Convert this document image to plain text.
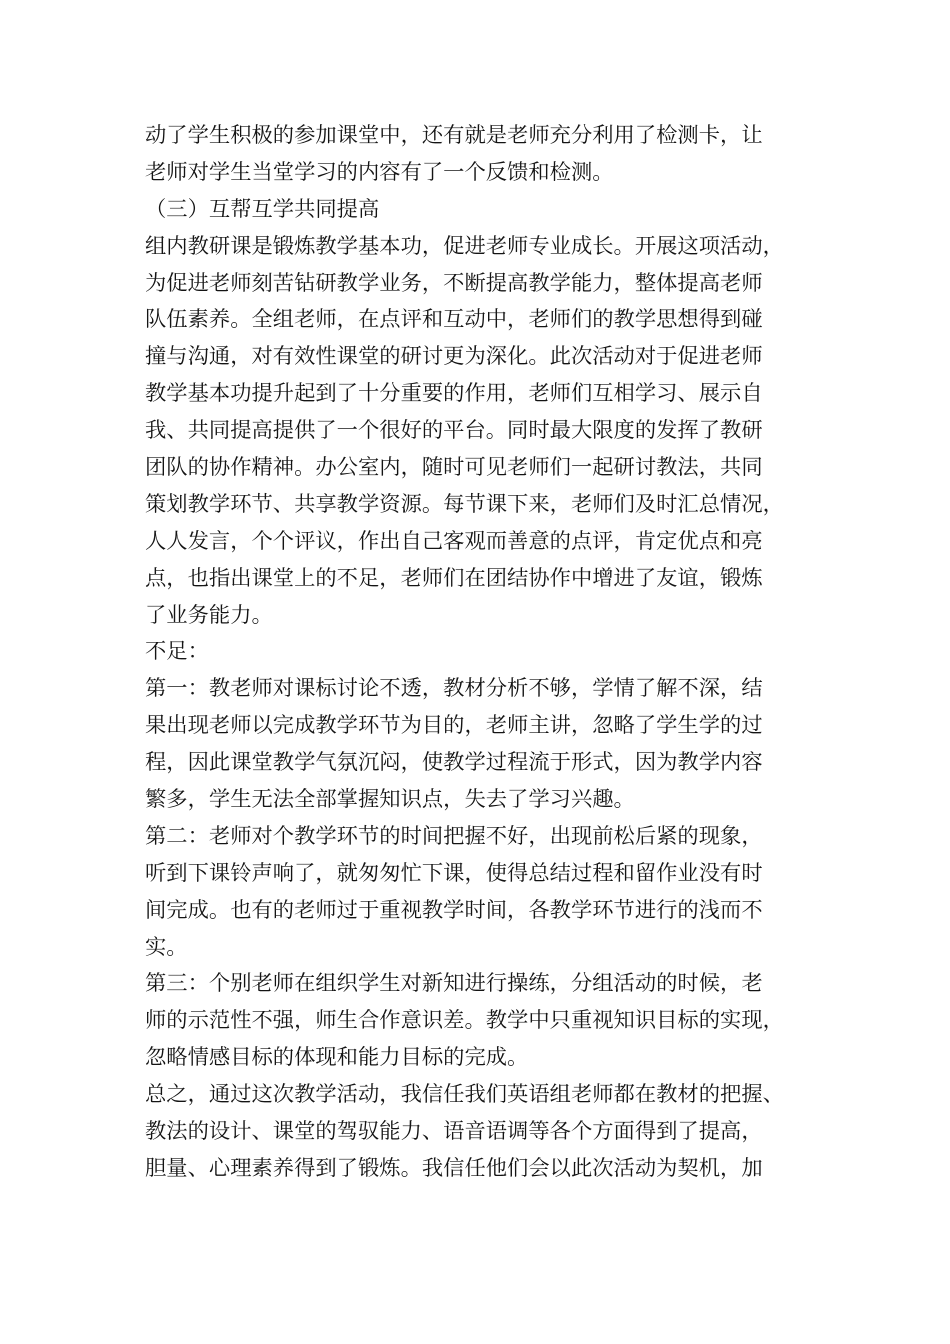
动了学生积极的参加课堂中，还有就是老师充分利用了检测卡，让
老师对学生当堂学习的内容有了一个反馈和检测。
（三）互帮互学共同提高
组内教研课是锻炼教学基本功，促进老师专业成长。开展这项活动，
为促进老师刻苦钻研教学业务，不断提高教学能力，整体提高老师
队伍素养。全组老师，在点评和互动中，老师们的教学思想得到碰
撞与沟通，对有效性课堂的研讨更为深化。此次活动对于促进老师
教学基本功提升起到了十分重要的作用，老师们互相学习、展示自
我、共同提高提供了一个很好的平台。同时最大限度的发挥了教研
团队的协作精神。办公室内，随时可见老师们一起研讨教法，共同
策划教学环节、共享教学资源。每节课下来，老师们及时汇总情况，
人人发言，个个评议，作出自己客观而善意的点评，肯定优点和亮
点，也指出课堂上的不足，老师们在团结协作中增进了友谊，锻炼
了业务能力。
不足：
第一：教老师对课标讨论不透，教材分析不够，学情了解不深，结
果出现老师以完成教学环节为目的，老师主讲，忽略了学生学的过
程，因此课堂教学气氛沉闷，使教学过程流于形式，因为教学内容
繁多，学生无法全部掌握知识点，失去了学习兴趣。
第二：老师对个教学环节的时间把握不好，出现前松后紧的现象，
听到下课铃声响了，就匆匆忙下课，使得总结过程和留作业没有时
间完成。也有的老师过于重视教学时间，各教学环节进行的浅而不
实。
第三：个别老师在组织学生对新知进行操练，分组活动的时候，老
师的示范性不强，师生合作意识差。教学中只重视知识目标的实现，
忽略情感目标的体现和能力目标的完成。
总之，通过这次教学活动，我信任我们英语组老师都在教材的把握、
教法的设计、课堂的驾驭能力、语音语调等各个方面得到了提高，
胆量、心理素养得到了锻炼。我信任他们会以此次活动为契机，加
